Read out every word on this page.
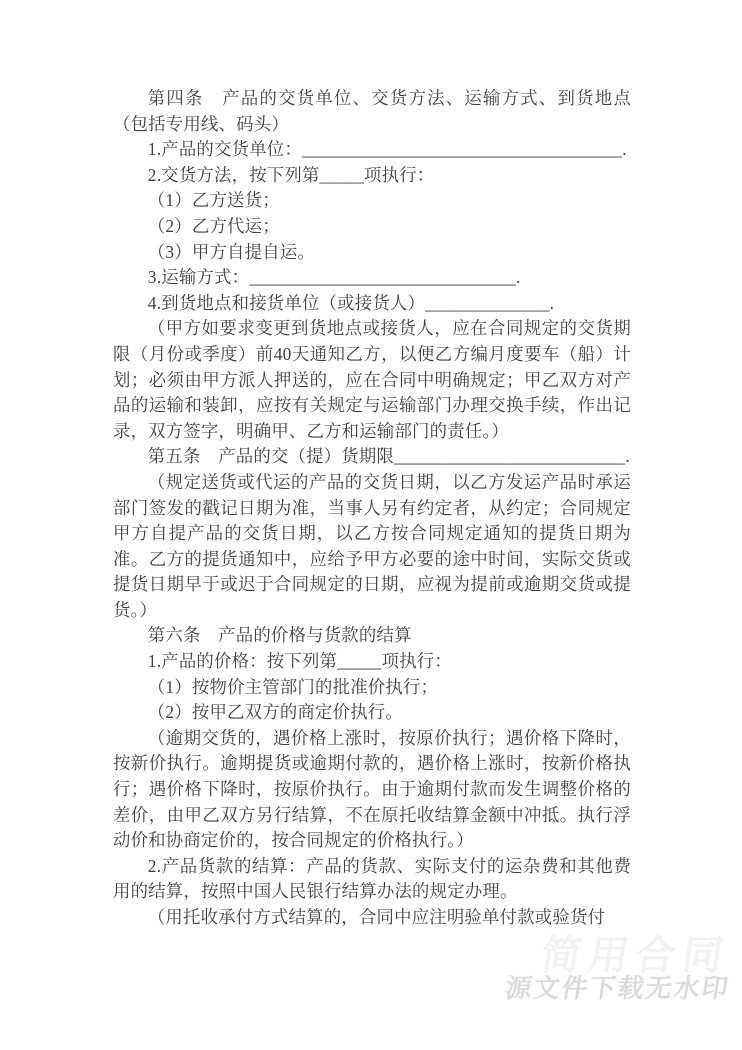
简用合同
源文件下载无水印

第四条　产品的交货单位、交货方法、运输方式、到货地点（包括专用线、码头）

1.产品的交货单位：____________________________________.

2.交货方法，按下列第_____项执行：

（1）乙方送货；

（2）乙方代运；

（3）甲方自提自运。

3.运输方式：______________________________.

4.到货地点和接货单位（或接货人）______________.

（甲方如要求变更到货地点或接货人，应在合同规定的交货期限（月份或季度）前40天通知乙方，以便乙方编月度要车（船）计划；必须由甲方派人押送的，应在合同中明确规定；甲乙双方对产品的运输和装卸，应按有关规定与运输部门办理交换手续，作出记录，双方签字，明确甲、乙方和运输部门的责任。）

第五条　产品的交（提）货期限__________________________.

（规定送货或代运的产品的交货日期，以乙方发运产品时承运部门签发的戳记日期为准，当事人另有约定者，从约定；合同规定甲方自提产品的交货日期，以乙方按合同规定通知的提货日期为准。乙方的提货通知中，应给予甲方必要的途中时间，实际交货或提货日期早于或迟于合同规定的日期，应视为提前或逾期交货或提货。）

第六条　产品的价格与货款的结算

1.产品的价格：按下列第_____项执行：

（1）按物价主管部门的批准价执行；

（2）按甲乙双方的商定价执行。

（逾期交货的，遇价格上涨时，按原价执行；遇价格下降时，按新价执行。逾期提货或逾期付款的，遇价格上涨时，按新价格执行；遇价格下降时，按原价执行。由于逾期付款而发生调整价格的差价，由甲乙双方另行结算，不在原托收结算金额中冲抵。执行浮动价和协商定价的，按合同规定的价格执行。）

2.产品货款的结算：产品的货款、实际支付的运杂费和其他费用的结算，按照中国人民银行结算办法的规定办理。

（用托收承付方式结算的，合同中应注明验单付款或验货付
